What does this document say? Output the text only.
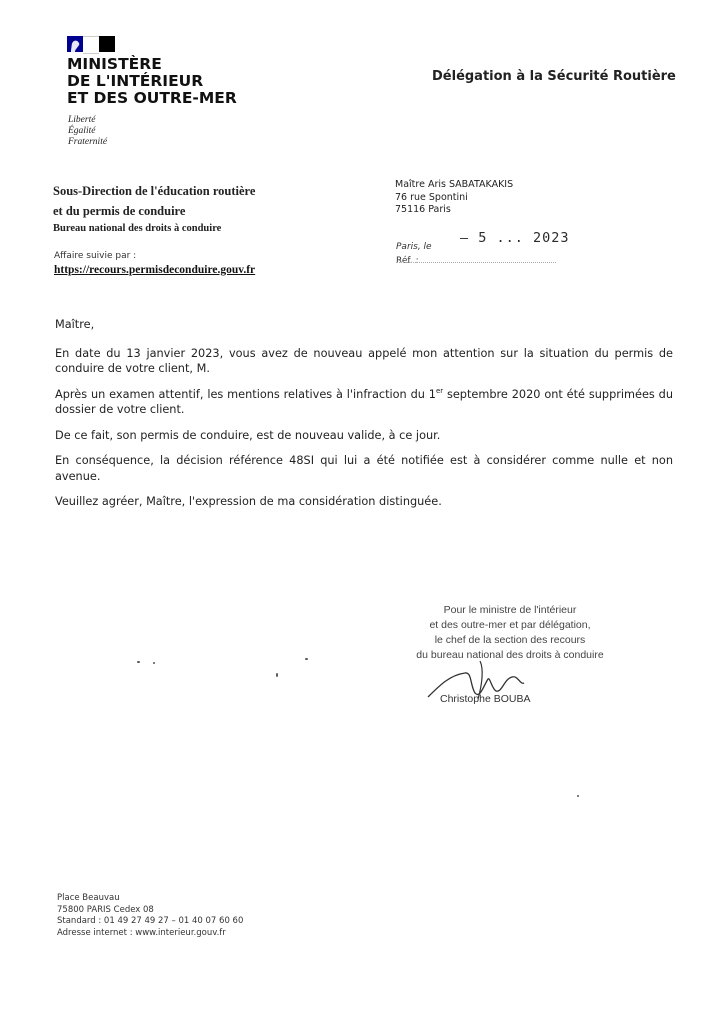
MINISTÈRE
DE L'INTÉRIEUR
ET DES OUTRE-MER
Liberté
Égalité
Fraternité
Délégation à la Sécurité Routière
Sous-Direction de l'éducation routière
et du permis de conduire
Bureau national des droits à conduire
Maître Aris SABATAKAKIS
76 rue Spontini
75116 Paris
Paris, le
Réf. :
– 5 ... 2023
Affaire suivie par :
https://recours.permisdeconduire.gouv.fr

Maître,

En date du 13 janvier 2023, vous avez de nouveau appelé mon attention sur la situation du permis de conduire de votre client, M.

Après un examen attentif, les mentions relatives à l'infraction du 1er septembre 2020 ont été supprimées du dossier de votre client.

De ce fait, son permis de conduire, est de nouveau valide, à ce jour.

En conséquence, la décision référence 48SI qui lui a été notifiée est à considérer comme nulle et non avenue.

Veuillez agréer, Maître, l'expression de ma considération distinguée.

Pour le ministre de l'intérieur
et des outre-mer et par délégation,
le chef de la section des recours
du bureau national des droits à conduire
Christophe BOUBA
Place Beauvau
75800 PARIS Cedex 08
Standard : 01 49 27 49 27 – 01 40 07 60 60
Adresse internet : www.interieur.gouv.fr
